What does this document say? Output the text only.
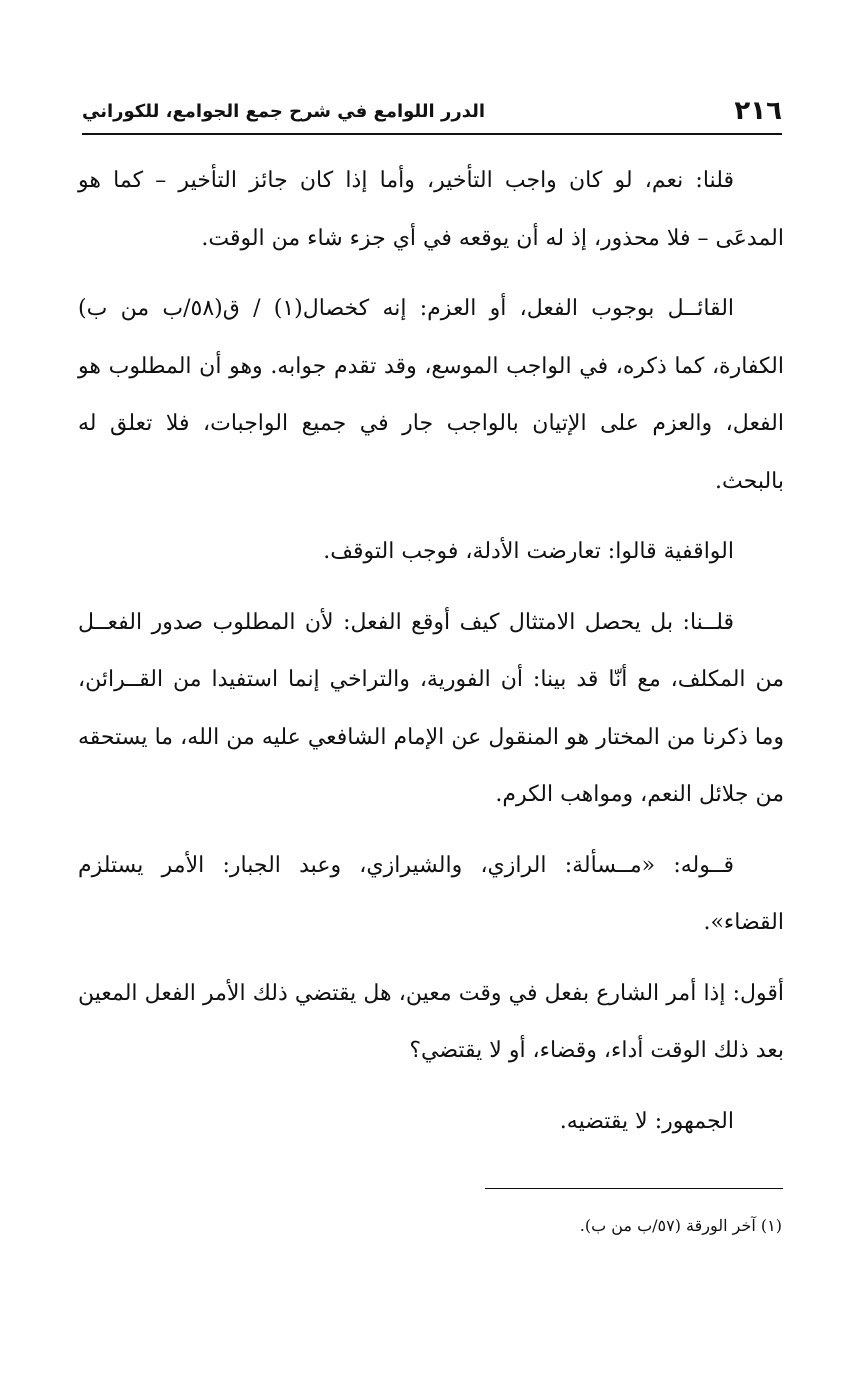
٢١٦
الدرر اللوامع في شرح جمع الجوامع، للكوراني

قلنا: نعم، لو كان واجب التأخير، وأما إذا كان جائز التأخير – كما هو المدعَى – فلا محذور، إذ له أن يوقعه في أي جزء شاء من الوقت.

القائــل بوجوب الفعل، أو العزم: إنه كخصال(١) / ق(٥٨/ب من ب) الكفارة، كما ذكره، في الواجب الموسع، وقد تقدم جوابه. وهو أن المطلوب هو الفعل، والعزم على الإتيان بالواجب جار في جميع الواجبات، فلا تعلق له بالبحث.

الواقفية قالوا: تعارضت الأدلة، فوجب التوقف.

قلــنا: بل يحصل الامتثال كيف أوقع الفعل: لأن المطلوب صدور الفعــل من المكلف، مع أنّا قد بينا: أن الفورية، والتراخي إنما استفيدا من القــرائن، وما ذكرنا من المختار هو المنقول عن الإمام الشافعي عليه من الله، ما يستحقه من جلائل النعم، ومواهب الكرم.

قــوله: «مــسألة: الرازي، والشيرازي، وعبد الجبار: الأمر يستلزم القضاء».

أقول: إذا أمر الشارع بفعل في وقت معين، هل يقتضي ذلك الأمر الفعل المعين بعد ذلك الوقت أداء، وقضاء، أو لا يقتضي؟

الجمهور: لا يقتضيه.

(١) آخر الورقة (٥٧/ب من ب).
